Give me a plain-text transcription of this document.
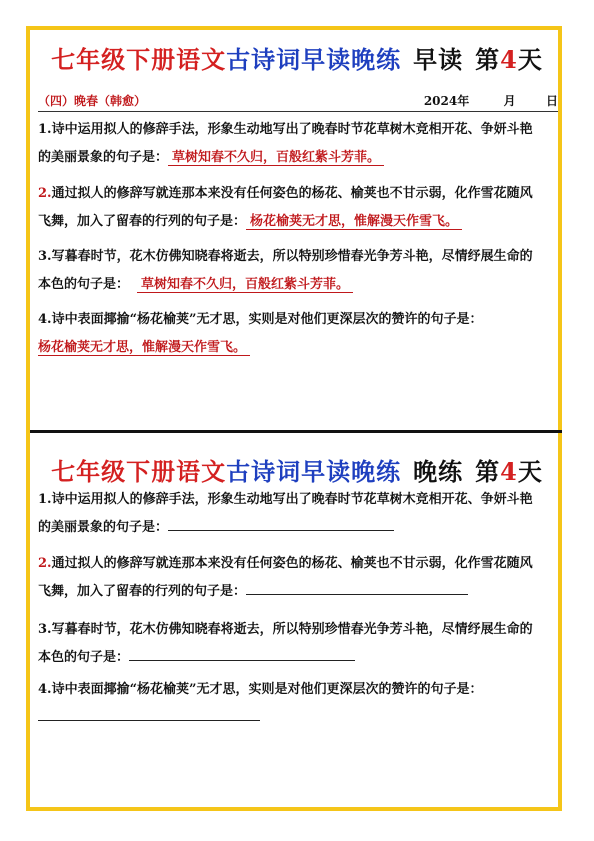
七年级下册语文古诗词早读晚练 早读 第4天
（四）晚春（韩愈）	2024年	月	日
1.诗中运用拟人的修辞手法，形象生动地写出了晚春时节花草树木竞相开花、争妍斗艳
的美丽景象的句子是： 草树知春不久归，百般红紫斗芳菲。
2.通过拟人的修辞写就连那本来没有任何姿色的杨花、榆荚也不甘示弱，化作雪花随风
飞舞，加入了留春的行列的句子是： 杨花榆荚无才思，惟解漫天作雪飞。
3.写暮春时节，花木仿佛知晓春将逝去，所以特别珍惜春光争芳斗艳，尽情纾展生命的
本色的句子是： 草树知春不久归，百般红紫斗芳菲。
4.诗中表面揶揄“杨花榆荚”无才思，实则是对他们更深层次的赞许的句子是：
杨花榆荚无才思，惟解漫天作雪飞。
七年级下册语文古诗词早读晚练 晚练 第4天
1.诗中运用拟人的修辞手法，形象生动地写出了晚春时节花草树木竞相开花、争妍斗艳
的美丽景象的句子是：
2.通过拟人的修辞写就连那本来没有任何姿色的杨花、榆荚也不甘示弱，化作雪花随风
飞舞，加入了留春的行列的句子是：
3.写暮春时节，花木仿佛知晓春将逝去，所以特别珍惜春光争芳斗艳，尽情纾展生命的
本色的句子是：
4.诗中表面揶揄“杨花榆荚”无才思，实则是对他们更深层次的赞许的句子是：
